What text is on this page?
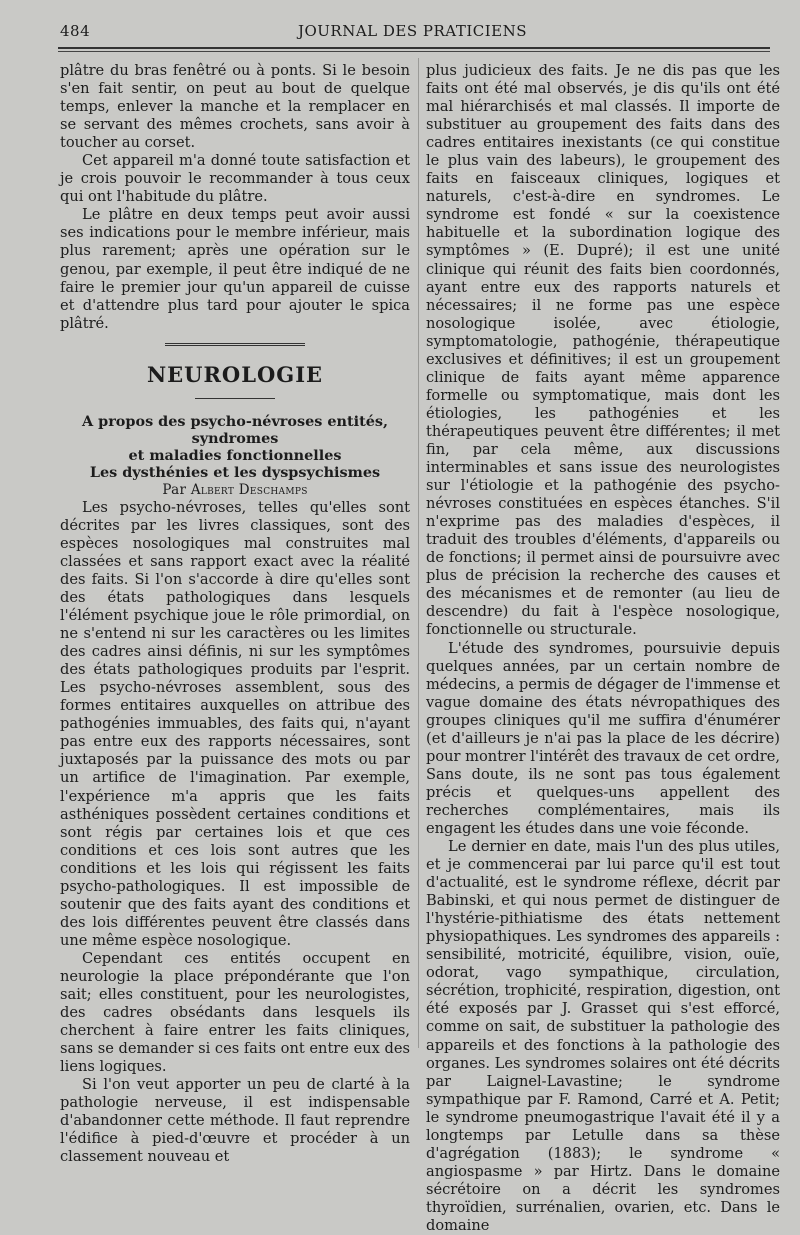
484	JOURNAL DES PRATICIENS

plâtre du bras fenêtré ou à ponts. Si le besoin s'en fait sentir, on peut au bout de quelque temps, enlever la manche et la remplacer en se servant des mêmes crochets, sans avoir à toucher au corset.

Cet appareil m'a donné toute satisfaction et je crois pouvoir le recommander à tous ceux qui ont l'habitude du plâtre.

Le plâtre en deux temps peut avoir aussi ses indications pour le membre inférieur, mais plus rarement; après une opération sur le genou, par exemple, il peut être indiqué de ne faire le premier jour qu'un appareil de cuisse et d'attendre plus tard pour ajouter le spica plâtré.

NEUROLOGIE

A propos des psycho-névroses entités, syndromes

et maladies fonctionnelles

Les dysthénies et les dyspsychismes

Par Albert Deschamps

Les psycho-névroses, telles qu'elles sont décrites par les livres classiques, sont des espèces nosologiques mal construites mal classées et sans rapport exact avec la réalité des faits. Si l'on s'accorde à dire qu'elles sont des états pathologiques dans lesquels l'élément psychique joue le rôle primordial, on ne s'entend ni sur les caractères ou les limites des cadres ainsi définis, ni sur les symptômes des états pathologiques produits par l'esprit. Les psycho-névroses assemblent, sous des formes entitaires auxquelles on attribue des pathogénies immuables, des faits qui, n'ayant pas entre eux des rapports nécessaires, sont juxtaposés par la puissance des mots ou par un artifice de l'imagination. Par exemple, l'expérience m'a appris que les faits asthéniques possèdent certaines conditions et sont régis par certaines lois et que ces conditions et ces lois sont autres que les conditions et les lois qui régissent les faits psycho-pathologiques. Il est impossible de soutenir que des faits ayant des conditions et des lois différentes peuvent être classés dans une même espèce nosologique.

Cependant ces entités occupent en neurologie la place prépondérante que l'on sait; elles constituent, pour les neurologistes, des cadres obsédants dans lesquels ils cherchent à faire entrer les faits cliniques, sans se demander si ces faits ont entre eux des liens logiques.

Si l'on veut apporter un peu de clarté à la pathologie nerveuse, il est indispensable d'abandonner cette méthode. Il faut reprendre l'édifice à pied-d'œuvre et procéder à un classement nouveau et

plus judicieux des faits. Je ne dis pas que les faits ont été mal observés, je dis qu'ils ont été mal hiérarchisés et mal classés. Il importe de substituer au groupement des faits dans des cadres entitaires inexistants (ce qui constitue le plus vain des labeurs), le groupement des faits en faisceaux cliniques, logiques et naturels, c'est-à-dire en syndromes. Le syndrome est fondé « sur la coexistence habituelle et la subordination logique des symptômes » (E. Dupré); il est une unité clinique qui réunit des faits bien coordonnés, ayant entre eux des rapports naturels et nécessaires; il ne forme pas une espèce nosologique isolée, avec étiologie, symptomatologie, pathogénie, thérapeutique exclusives et définitives; il est un groupement clinique de faits ayant même apparence formelle ou symptomatique, mais dont les étiologies, les pathogénies et les thérapeutiques peuvent être différentes; il met fin, par cela même, aux discussions interminables et sans issue des neurologistes sur l'étiologie et la pathogénie des psycho-névroses constituées en espèces étanches. S'il n'exprime pas des maladies d'espèces, il traduit des troubles d'éléments, d'appareils ou de fonctions; il permet ainsi de poursuivre avec plus de précision la recherche des causes et des mécanismes et de remonter (au lieu de descendre) du fait à l'espèce nosologique, fonctionnelle ou structurale.

L'étude des syndromes, poursuivie depuis quelques années, par un certain nombre de médecins, a permis de dégager de l'immense et vague domaine des états névropathiques des groupes cliniques qu'il me suffira d'énumérer (et d'ailleurs je n'ai pas la place de les décrire) pour montrer l'intérêt des travaux de cet ordre, Sans doute, ils ne sont pas tous également précis et quelques-uns appellent des recherches complémentaires, mais ils engagent les études dans une voie féconde.

Le dernier en date, mais l'un des plus utiles, et je commencerai par lui parce qu'il est tout d'actualité, est le syndrome réflexe, décrit par Babinski, et qui nous permet de distinguer de l'hystérie-pithiatisme des états nettement physiopathiques. Les syndromes des appareils : sensibilité, motricité, équilibre, vision, ouïe, odorat, vago sympathique, circulation, sécrétion, trophicité, respiration, digestion, ont été exposés par J. Grasset qui s'est efforcé, comme on sait, de substituer la pathologie des appareils et des fonctions à la pathologie des organes. Les syndromes solaires ont été décrits par Laignel-Lavastine; le syndrome sympathique par F. Ramond, Carré et A. Petit; le syndrome pneumogastrique l'avait été il y a longtemps par Letulle dans sa thèse d'agrégation (1883); le syndrome « angiospasme » par Hirtz. Dans le domaine sécrétoire on a décrit les syndromes thyroïdien, surrénalien, ovarien, etc. Dans le domaine
